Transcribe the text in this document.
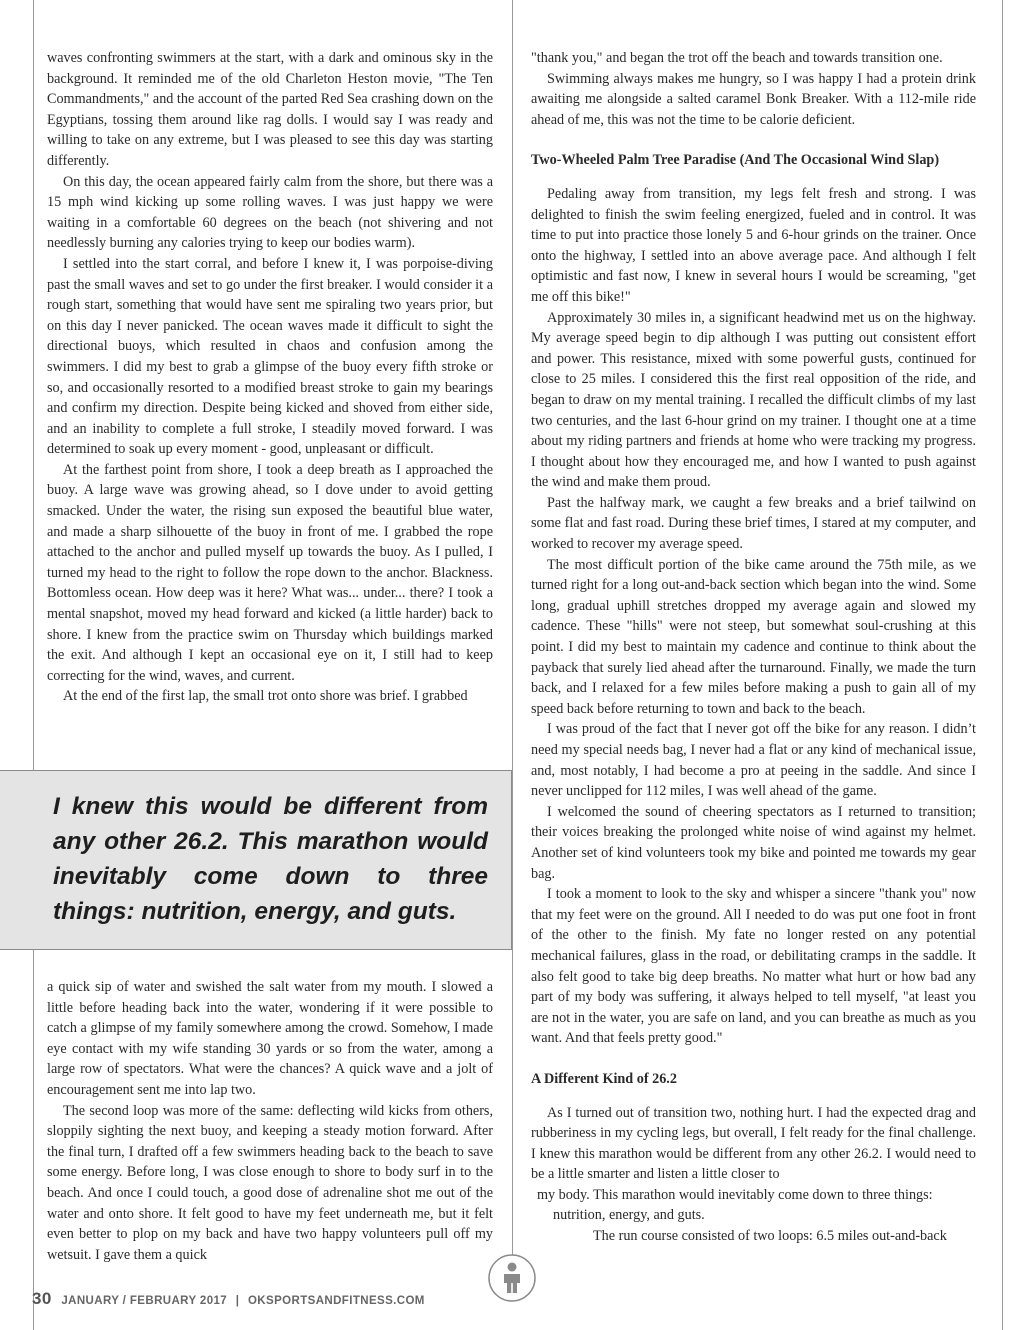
waves confronting swimmers at the start, with a dark and ominous sky in the background. It reminded me of the old Charleton Heston movie, "The Ten Commandments," and the account of the parted Red Sea crashing down on the Egyptians, tossing them around like rag dolls. I would say I was ready and willing to take on any extreme, but I was pleased to see this day was starting differently.

On this day, the ocean appeared fairly calm from the shore, but there was a 15 mph wind kicking up some rolling waves. I was just happy we were waiting in a comfortable 60 degrees on the beach (not shivering and not needlessly burning any calories trying to keep our bodies warm).

I settled into the start corral, and before I knew it, I was porpoise-diving past the small waves and set to go under the first breaker. I would consider it a rough start, something that would have sent me spiraling two years prior, but on this day I never panicked. The ocean waves made it difficult to sight the directional buoys, which resulted in chaos and confusion among the swimmers. I did my best to grab a glimpse of the buoy every fifth stroke or so, and occasionally resorted to a modified breast stroke to gain my bearings and confirm my direction. Despite being kicked and shoved from either side, and an inability to complete a full stroke, I steadily moved forward. I was determined to soak up every moment - good, unpleasant or difficult.

At the farthest point from shore, I took a deep breath as I approached the buoy. A large wave was growing ahead, so I dove under to avoid getting smacked. Under the water, the rising sun exposed the beautiful blue water, and made a sharp silhouette of the buoy in front of me. I grabbed the rope attached to the anchor and pulled myself up towards the buoy. As I pulled, I turned my head to the right to follow the rope down to the anchor. Blackness. Bottomless ocean. How deep was it here? What was... under... there? I took a mental snapshot, moved my head forward and kicked (a little harder) back to shore. I knew from the practice swim on Thursday which buildings marked the exit. And although I kept an occasional eye on it, I still had to keep correcting for the wind, waves, and current.

At the end of the first lap, the small trot onto shore was brief. I grabbed

I knew this would be different from any other 26.2. This marathon would inevitably come down to three things: nutrition, energy, and guts.

a quick sip of water and swished the salt water from my mouth. I slowed a little before heading back into the water, wondering if it were possible to catch a glimpse of my family somewhere among the crowd. Somehow, I made eye contact with my wife standing 30 yards or so from the water, among a large row of spectators. What were the chances? A quick wave and a jolt of encouragement sent me into lap two.

The second loop was more of the same: deflecting wild kicks from others, sloppily sighting the next buoy, and keeping a steady motion forward. After the final turn, I drafted off a few swimmers heading back to the beach to save some energy. Before long, I was close enough to shore to body surf in to the beach. And once I could touch, a good dose of adrenaline shot me out of the water and onto shore. It felt good to have my feet underneath me, but it felt even better to plop on my back and have two happy volunteers pull off my wetsuit. I gave them a quick

"thank you," and began the trot off the beach and towards transition one.

Swimming always makes me hungry, so I was happy I had a protein drink awaiting me alongside a salted caramel Bonk Breaker. With a 112-mile ride ahead of me, this was not the time to be calorie deficient.

Two-Wheeled Palm Tree Paradise (And The Occasional Wind Slap)

Pedaling away from transition, my legs felt fresh and strong. I was delighted to finish the swim feeling energized, fueled and in control. It was time to put into practice those lonely 5 and 6-hour grinds on the trainer. Once onto the highway, I settled into an above average pace. And although I felt optimistic and fast now, I knew in several hours I would be screaming, "get me off this bike!"

Approximately 30 miles in, a significant headwind met us on the highway. My average speed begin to dip although I was putting out consistent effort and power. This resistance, mixed with some powerful gusts, continued for close to 25 miles. I considered this the first real opposition of the ride, and began to draw on my mental training. I recalled the difficult climbs of my last two centuries, and the last 6-hour grind on my trainer. I thought one at a time about my riding partners and friends at home who were tracking my progress. I thought about how they encouraged me, and how I wanted to push against the wind and make them proud.

Past the halfway mark, we caught a few breaks and a brief tailwind on some flat and fast road. During these brief times, I stared at my computer, and worked to recover my average speed.

The most difficult portion of the bike came around the 75th mile, as we turned right for a long out-and-back section which began into the wind. Some long, gradual uphill stretches dropped my average again and slowed my cadence. These "hills" were not steep, but somewhat soul-crushing at this point. I did my best to maintain my cadence and continue to think about the payback that surely lied ahead after the turnaround. Finally, we made the turn back, and I relaxed for a few miles before making a push to gain all of my speed back before returning to town and back to the beach.

I was proud of the fact that I never got off the bike for any reason. I didn’t need my special needs bag, I never had a flat or any kind of mechanical issue, and, most notably, I had become a pro at peeing in the saddle. And since I never unclipped for 112 miles, I was well ahead of the game.

I welcomed the sound of cheering spectators as I returned to transition; their voices breaking the prolonged white noise of wind against my helmet. Another set of kind volunteers took my bike and pointed me towards my gear bag.

I took a moment to look to the sky and whisper a sincere "thank you" now that my feet were on the ground. All I needed to do was put one foot in front of the other to the finish. My fate no longer rested on any potential mechanical failures, glass in the road, or debilitating cramps in the saddle. It also felt good to take big deep breaths. No matter what hurt or how bad any part of my body was suffering, it always helped to tell myself, "at least you are not in the water, you are safe on land, and you can breathe as much as you want. And that feels pretty good."

A Different Kind of 26.2

As I turned out of transition two, nothing hurt. I had the expected drag and rubberiness in my cycling legs, but overall, I felt ready for the final challenge. I knew this marathon would be different from any other 26.2. I would need to be a little smarter and listen a little closer to

my body. This marathon would inevitably come down to three things:

nutrition, energy, and guts.

The run course consisted of two loops: 6.5 miles out-and-back

30 JANUARY / FEBRUARY 2017 | OKSPORTSANDFITNESS.COM
